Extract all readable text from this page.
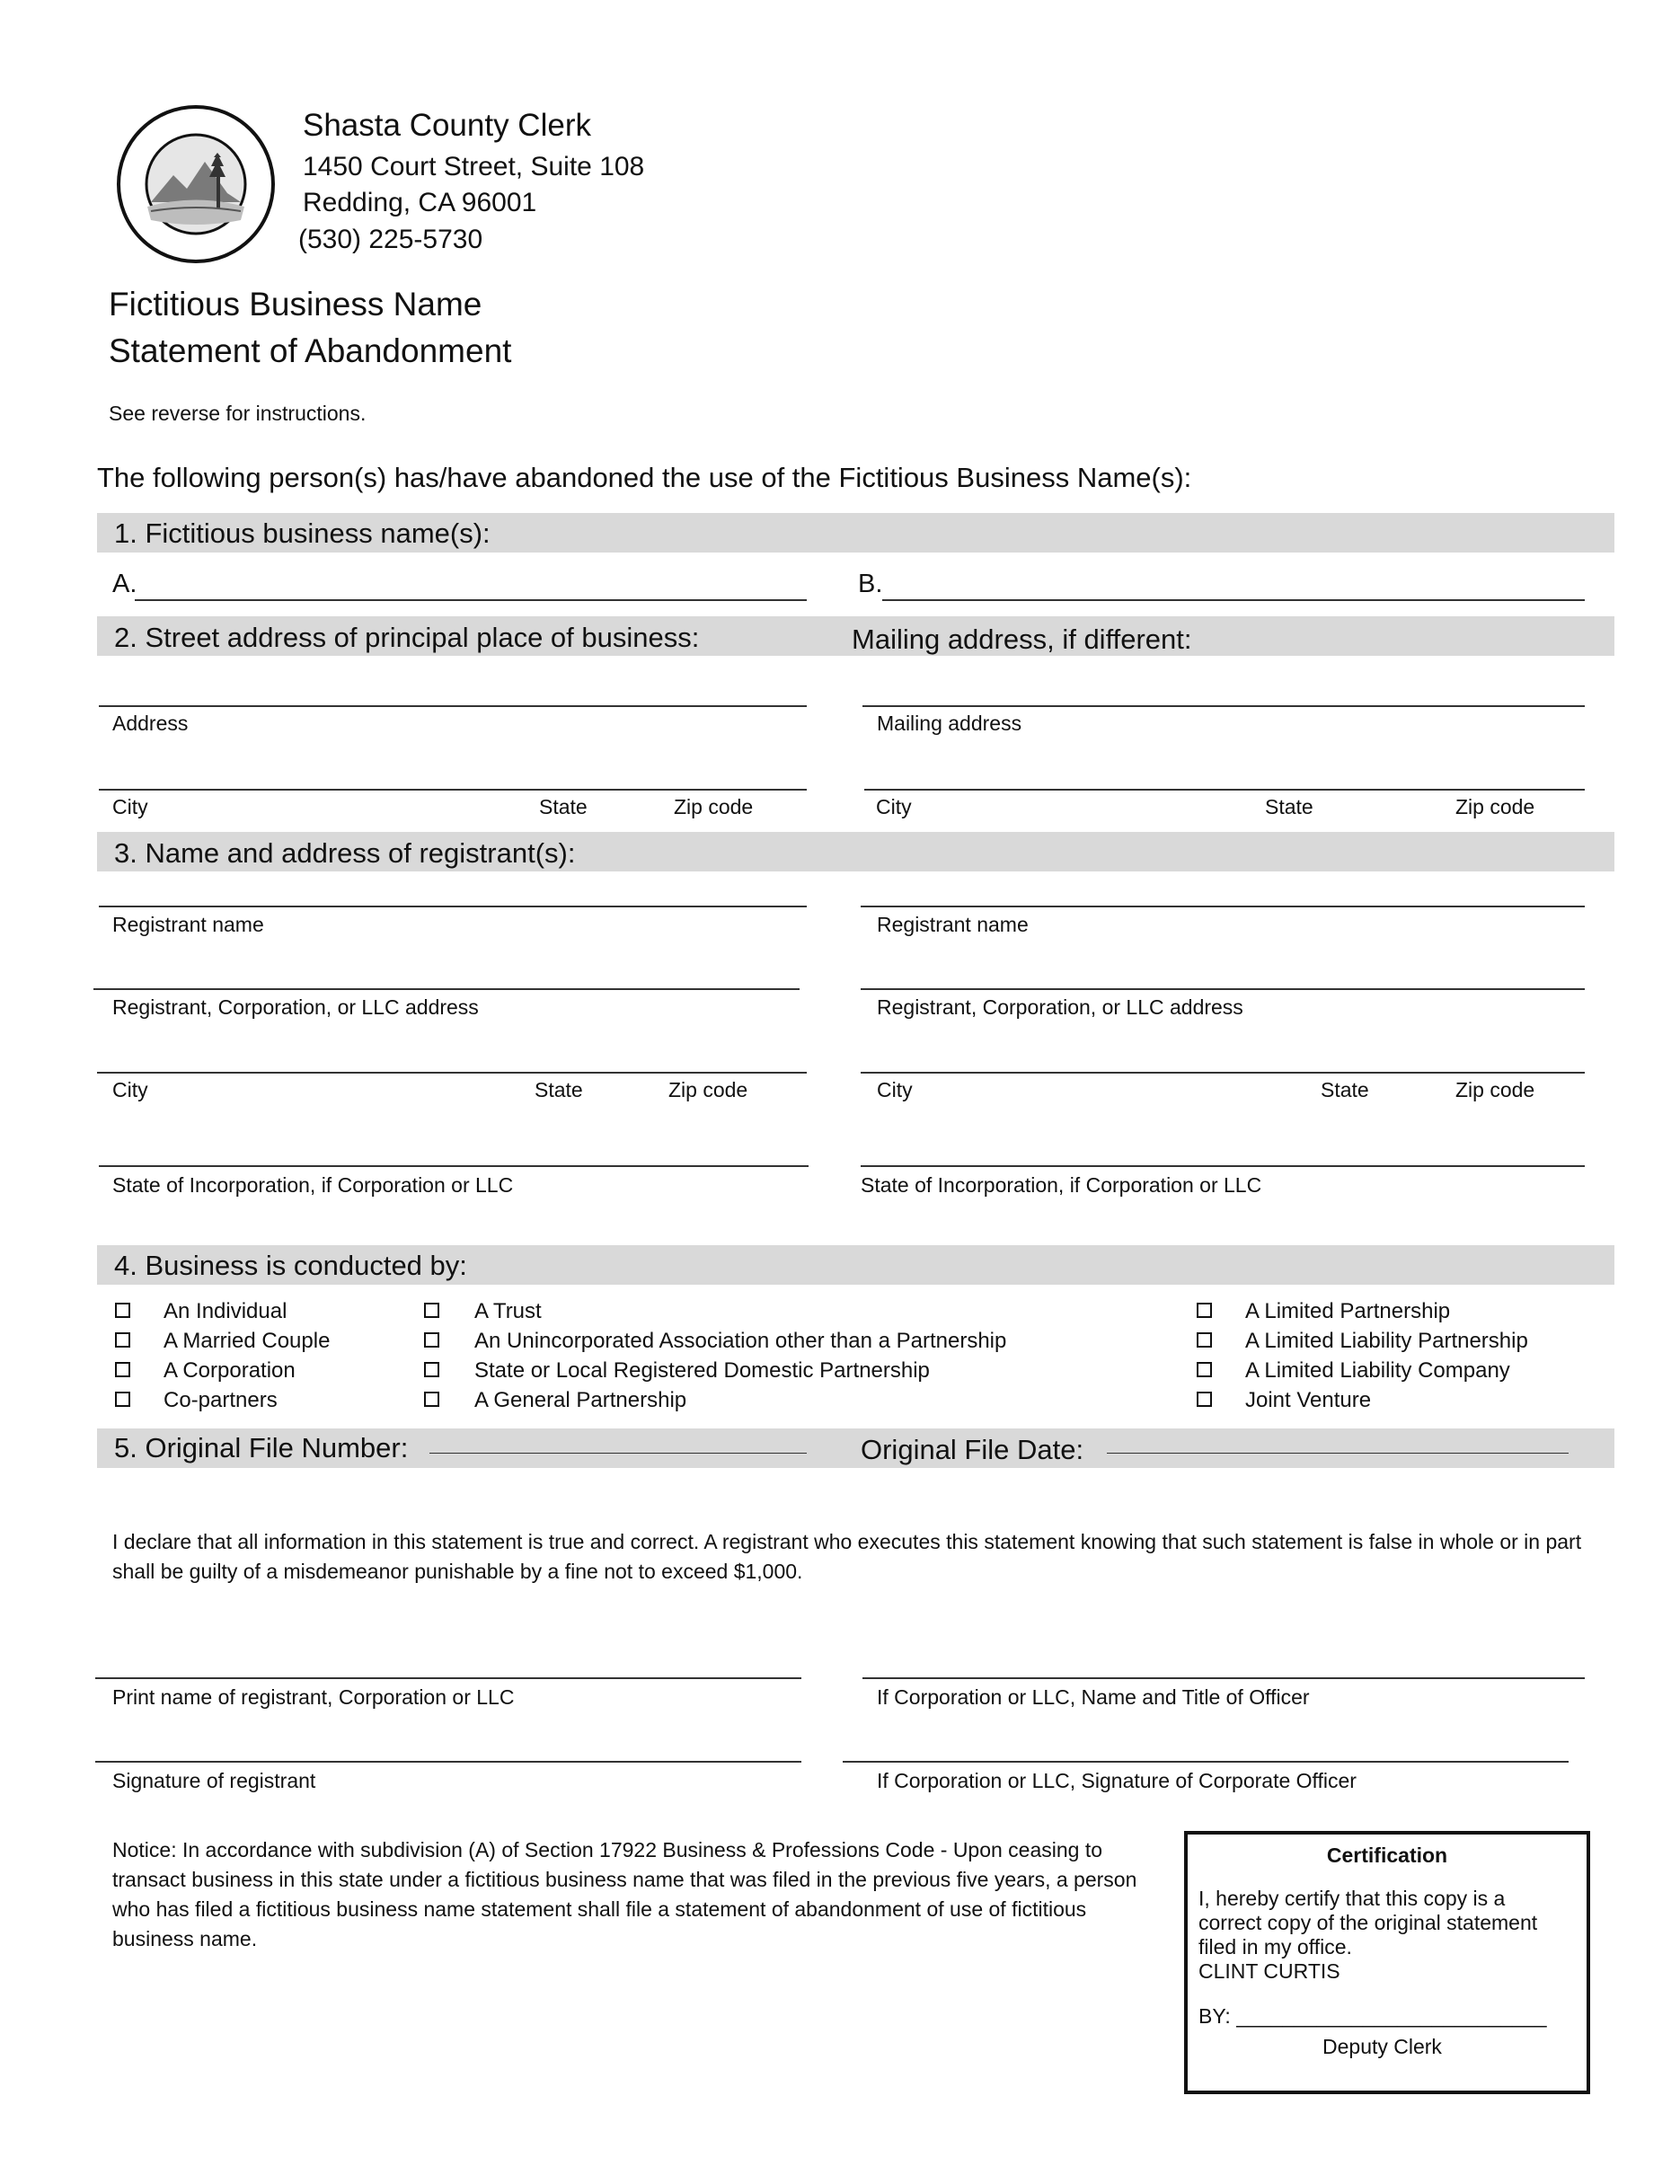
Shasta County Clerk
1450 Court Street, Suite 108
Redding, CA 96001
(530) 225-5730
Fictitious Business Name
Statement of Abandonment
See reverse for instructions.
The following person(s) has/have abandoned the use of the Fictitious Business Name(s):
1. Fictitious business name(s):
A.	B.
2. Street address of principal place of business:	Mailing address, if different:
Address	Mailing address
City	State	Zip code	City	State	Zip code
3. Name and address of registrant(s):
Registrant name	Registrant name
Registrant, Corporation, or LLC address	Registrant, Corporation, or LLC address
City	State	Zip code	City	State	Zip code
State of Incorporation, if Corporation or LLC	State of Incorporation, if Corporation or LLC
4. Business is conducted by:
An Individual
A Married Couple
A Corporation
Co-partners
A Trust
An Unincorporated Association other than a Partnership
State or Local Registered Domestic Partnership
A General Partnership
A Limited Partnership
A Limited Liability Partnership
A Limited Liability Company
Joint Venture
5. Original File Number:	Original File Date:
I declare that all information in this statement is true and correct. A registrant who executes this statement knowing that such statement is false in whole or in part shall be guilty of a misdemeanor punishable by a fine not to exceed $1,000.
Print name of registrant, Corporation or LLC	If Corporation or LLC, Name and Title of Officer
Signature of registrant	If Corporation or LLC, Signature of Corporate Officer
Notice: In accordance with subdivision (A) of Section 17922 Business & Professions Code - Upon ceasing to transact business in this state under a fictitious business name that was filed in the previous five years, a person who has filed a fictitious business name statement shall file a statement of abandonment of use of fictitious business name.
Certification
I, hereby certify that this copy is a correct copy of the original statement filed in my office.
CLINT CURTIS
BY: ___________________________
Deputy Clerk
